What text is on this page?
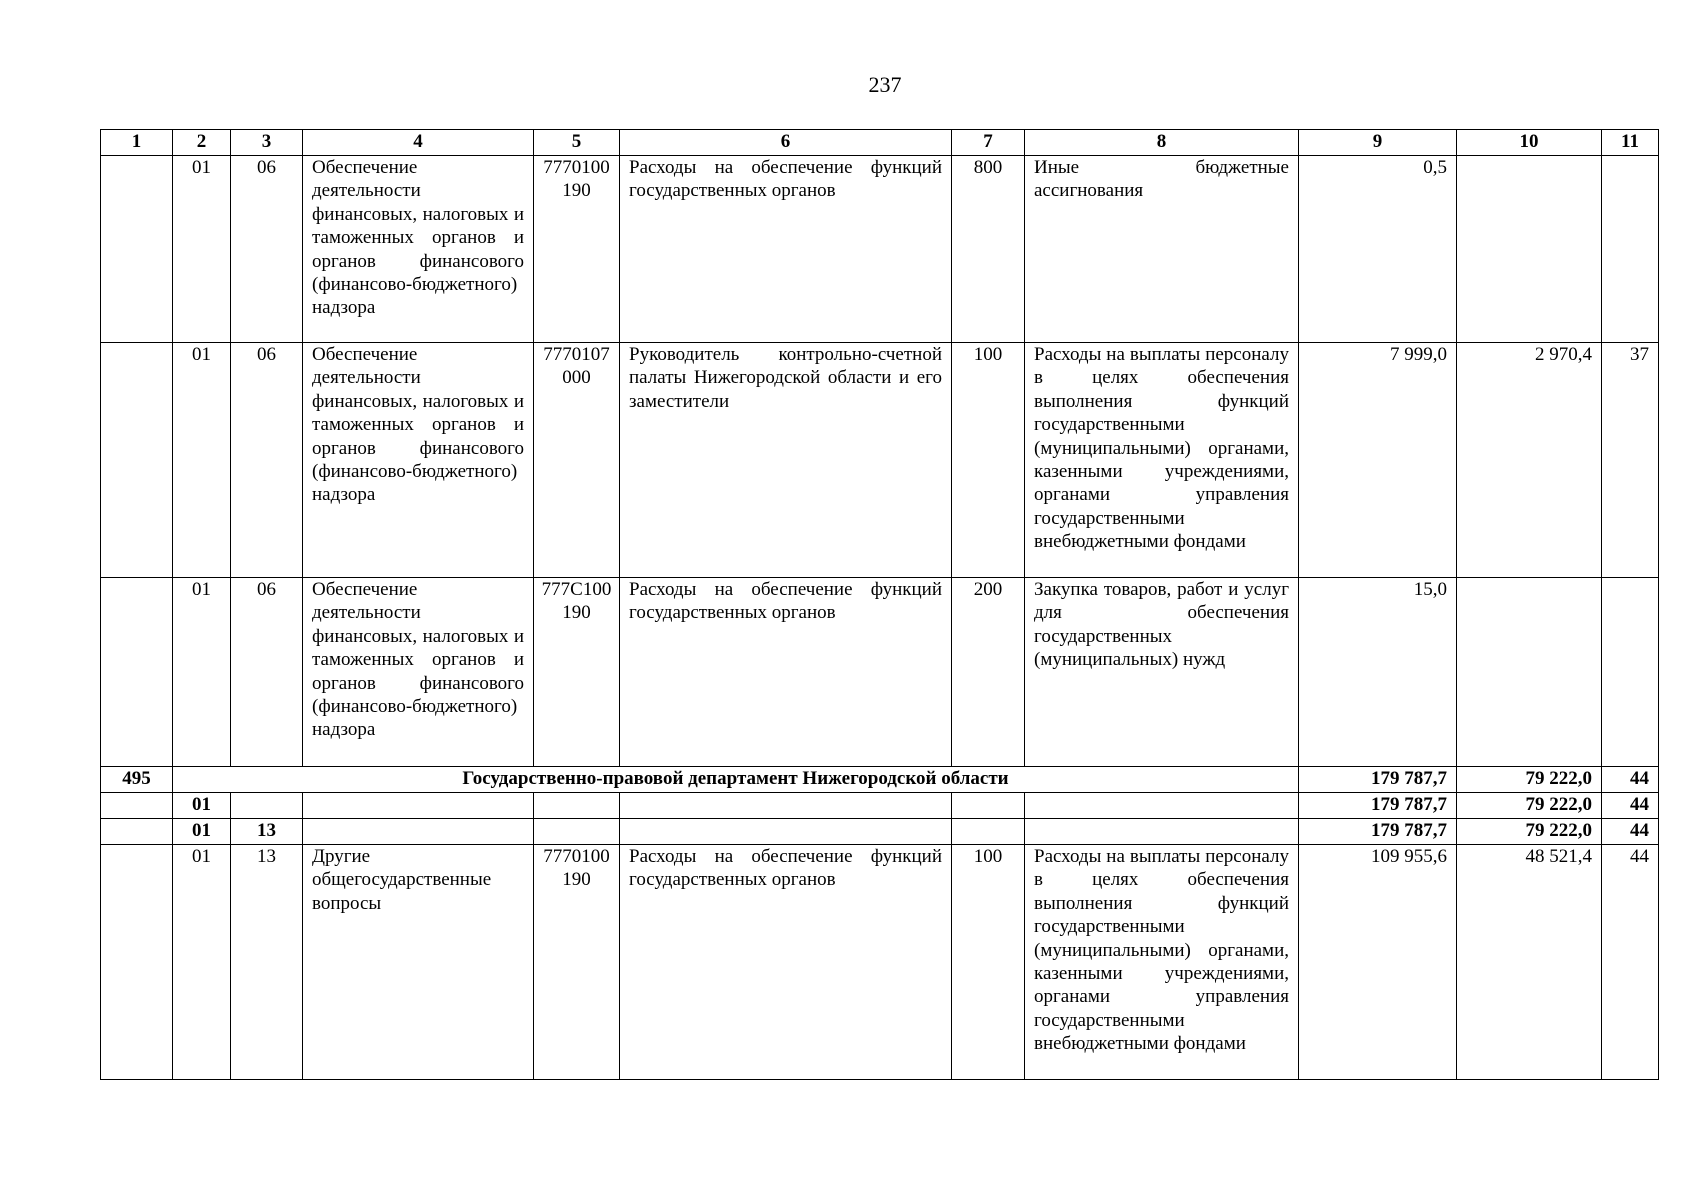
237
1	2	3	4	5	6	7	8	9	10	11
	01	06	Обеспечение деятельности финансовых, налоговых и таможенных органов и органов финансового (финансово-бюджетного) надзора	7770100190	Расходы на обеспечение функций государственных органов	800	Иные бюджетные ассигнования	0,5		
	01	06	Обеспечение деятельности финансовых, налоговых и таможенных органов и органов финансового (финансово-бюджетного) надзора	7770107000	Руководитель контрольно-счетной палаты Нижегородской области и его заместители	100	Расходы на выплаты персоналу в целях обеспечения выполнения функций государственными (муниципальными) органами, казенными учреждениями, органами управления государственными внебюджетными фондами	7 999,0	2 970,4	37
	01	06	Обеспечение деятельности финансовых, налоговых и таможенных органов и органов финансового (финансово-бюджетного) надзора	777С100190	Расходы на обеспечение функций государственных органов	200	Закупка товаров, работ и услуг для обеспечения государственных (муниципальных) нужд	15,0		
495	Государственно-правовой департамент Нижегородской области							179 787,7	79 222,0	44
	01							179 787,7	79 222,0	44
	01	13						179 787,7	79 222,0	44
	01	13	Другие общегосударственные вопросы	7770100190	Расходы на обеспечение функций государственных органов	100	Расходы на выплаты персоналу в целях обеспечения выполнения функций государственными (муниципальными) органами, казенными учреждениями, органами управления государственными внебюджетными фондами	109 955,6	48 521,4	44
